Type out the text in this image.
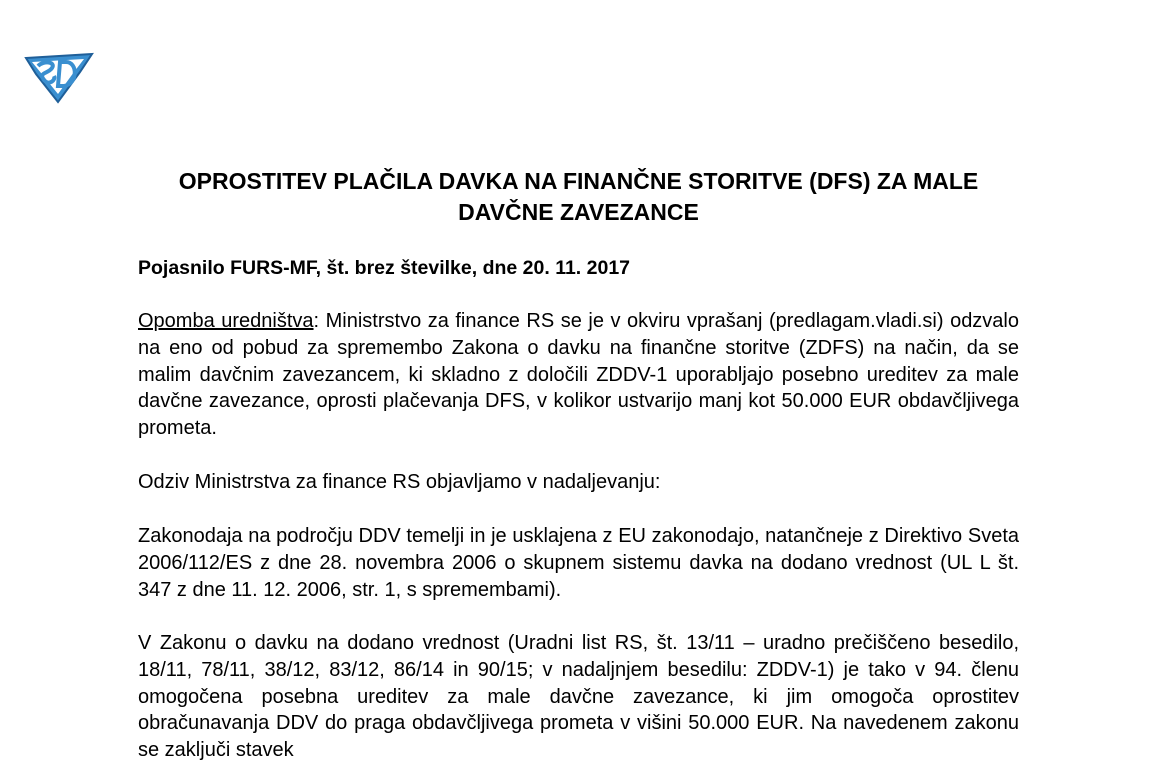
OPROSTITEV PLAČILA DAVKA NA FINANČNE STORITVE (DFS) ZA MALE DAVČNE ZAVEZANCE

Pojasnilo FURS-MF, št. brez številke, dne 20. 11. 2017

Opomba uredništva: Ministrstvo za finance RS se je v okviru vprašanj (predlagam.vladi.si) odzvalo na eno od pobud za spremembo Zakona o davku na finančne storitve (ZDFS) na način, da se malim davčnim zavezancem, ki skladno z določili ZDDV-1 uporabljajo posebno ureditev za male davčne zavezance, oprosti plačevanja DFS, v kolikor ustvarijo manj kot 50.000 EUR obdavčljivega prometa.

Odziv Ministrstva za finance RS objavljamo v nadaljevanju:

Zakonodaja na področju DDV temelji in je usklajena z EU zakonodajo, natančneje z Direktivo Sveta 2006/112/ES z dne 28. novembra 2006 o skupnem sistemu davka na dodano vrednost (UL L št. 347 z dne 11. 12. 2006, str. 1, s spremembami).

V Zakonu o davku na dodano vrednost (Uradni list RS, št. 13/11 – uradno prečiščeno besedilo, 18/11, 78/11, 38/12, 83/12, 86/14 in 90/15; v nadaljnjem besedilu: ZDDV-1) je tako v 94. členu omogočena posebna ureditev za male davčne zavezance, ki jim omogoča oprostitev obračunavanja DDV do praga obdavčljivega prometa v višini 50.000 EUR. Na navedenem zakonu se zaključi stavek
